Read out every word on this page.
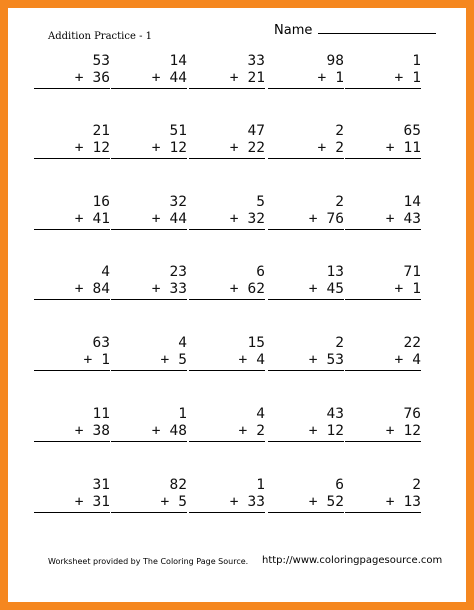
Addition Practice - 1	Name
53
+ 36
14
+ 44
33
+ 21
98
+ 1
1
+ 1
21
+ 12
51
+ 12
47
+ 22
2
+ 2
65
+ 11
16
+ 41
32
+ 44
5
+ 32
2
+ 76
14
+ 43
4
+ 84
23
+ 33
6
+ 62
13
+ 45
71
+ 1
63
+ 1
4
+ 5
15
+ 4
2
+ 53
22
+ 4
11
+ 38
1
+ 48
4
+ 2
43
+ 12
76
+ 12
31
+ 31
82
+ 5
1
+ 33
6
+ 52
2
+ 13
Worksheet provided by The Coloring Page Source. http://www.coloringpagesource.com
